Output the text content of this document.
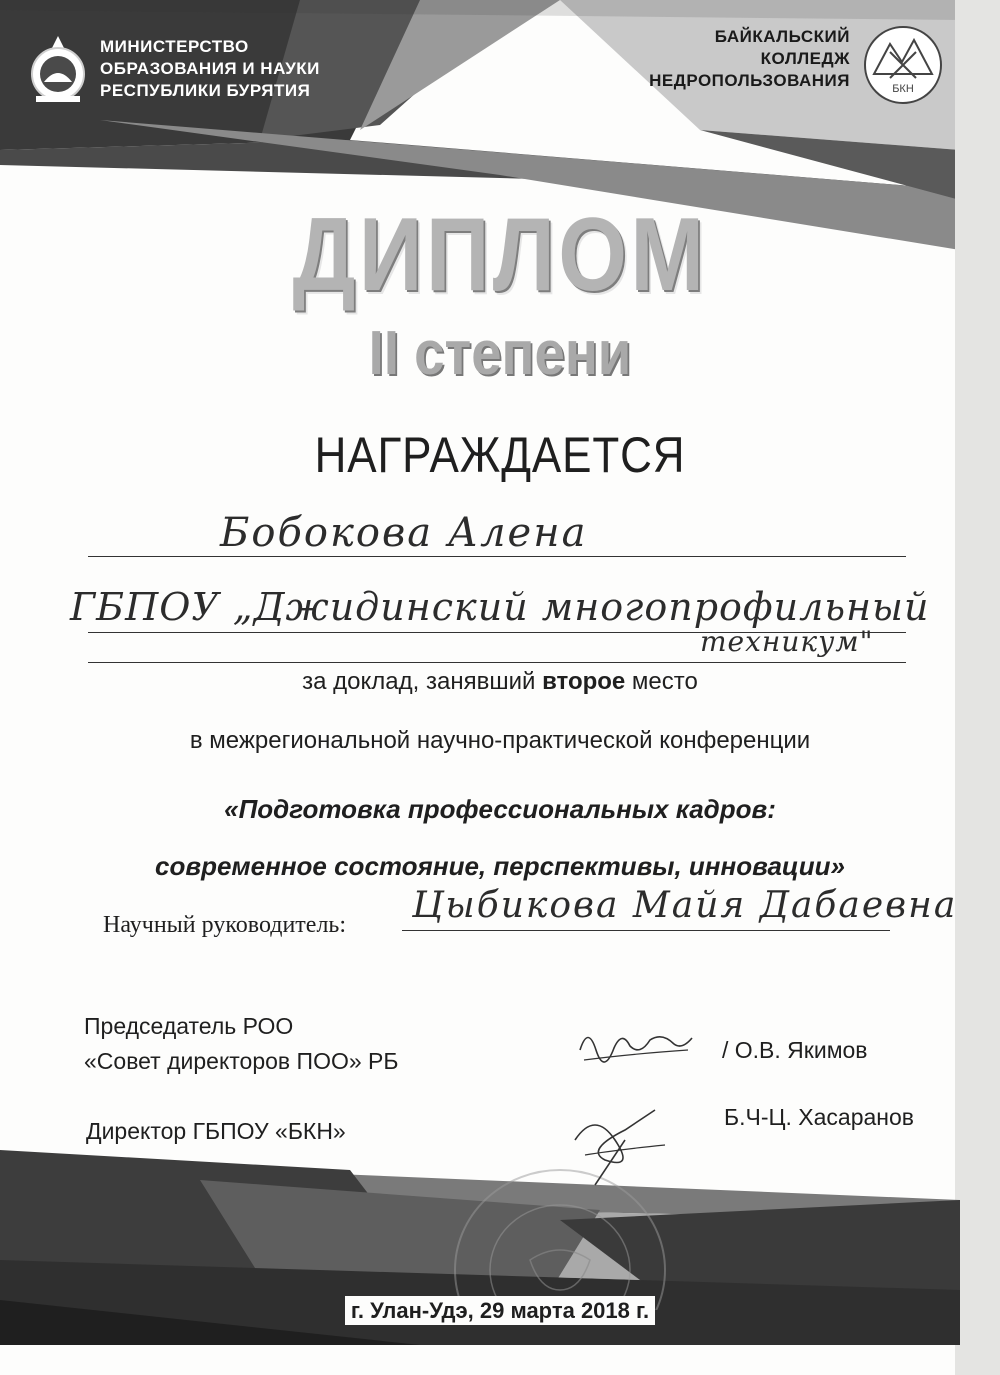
МИНИСТЕРСТВО
ОБРАЗОВАНИЯ И НАУКИ
РЕСПУБЛИКИ БУРЯТИЯ
БАЙКАЛЬСКИЙ
КОЛЛЕДЖ
НЕДРОПОЛЬЗОВАНИЯ	БКН
ДИПЛОМ
II степени
НАГРАЖДАЕТСЯ
Бобокова Алена
ГБПОУ „Джидинский многопрофильный
техникум"
за доклад, занявший второе место
в межрегиональной научно-практической конференции
«Подготовка профессиональных кадров:
современное состояние, перспективы, инновации»
Научный руководитель: Цыбикова Майя Дабаевна
Председатель РОО
«Совет директоров ПОО» РБ	/ О.В. Якимов
Директор ГБПОУ «БКН»
Б.Ч-Ц. Хасаранов
г. Улан-Удэ, 29 марта 2018 г.
